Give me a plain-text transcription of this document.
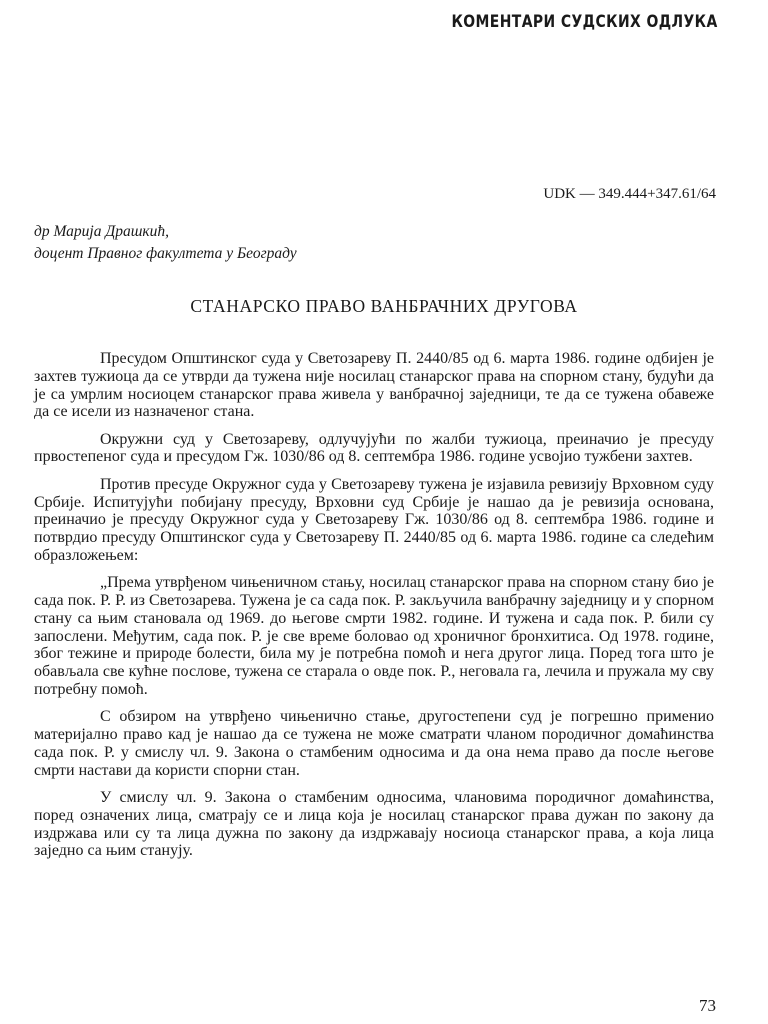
КОМЕНТАРИ СУДСКИХ ОДЛУКА
UDK — 349.444+347.61/64
др Марија Драшкић,
доцент Правног факултета у Београду
СТАНАРСКО ПРАВО ВАНБРАЧНИХ ДРУГОВА

Пресудом Општинског суда у Светозареву П. 2440/85 од 6. марта 1986. године одбијен је захтев тужиоца да се утврди да тужена није носилац станарског права на спорном стану, будући да је са умрлим носиоцем станарског права живела у ванбрачној заједници, те да се тужена обавеже да се исели из назначеног стана.

Окружни суд у Светозареву, одлучујући по жалби тужиоца, преиначио је пресуду првостепеног суда и пресудом Гж. 1030/86 од 8. септембра 1986. године усвојио тужбени захтев.

Против пресуде Окружног суда у Светозареву тужена је изјавила ревизију Врховном суду Србије. Испитујући побијану пресуду, Врховни суд Србије је нашао да је ревизија основана, преиначио је пресуду Окружног суда у Светозареву Гж. 1030/86 од 8. септембра 1986. године и потврдио пресуду Општинског суда у Светозареву П. 2440/85 од 6. марта 1986. године са следећим образложењем:

„Према утврђеном чињеничном стању, носилац станарског права на спорном стану био је сада пок. Р. Р. из Светозарева. Тужена је са сада пок. Р. закључила ванбрачну заједницу и у спорном стану са њим становала од 1969. до његове смрти 1982. године. И тужена и сада пок. Р. били су запослени. Међутим, сада пок. Р. је све време боловао од хроничног бронхитиса. Од 1978. године, због тежине и природе болести, била му је потребна помоћ и нега другог лица. Поред тога што је обављала све кућне послове, тужена се старала о овде пок. Р., неговала га, лечила и пружала му сву потребну помоћ.

С обзиром на утврђено чињенично стање, другостепени суд је погрешно применио материјално право кад је нашао да се тужена не може сматрати чланом породичног домаћинства сада пок. Р. у смислу чл. 9. Закона о стамбеним односима и да она нема право да после његове смрти настави да користи спорни стан.

У смислу чл. 9. Закона о стамбеним односима, члановима породичног домаћинства, поред означених лица, сматрају се и лица која је носилац станарског права дужан по закону да издржава или су та лица дужна по закону да издржавају носиоца станарског права, а која лица заједно са њим станују.

73
